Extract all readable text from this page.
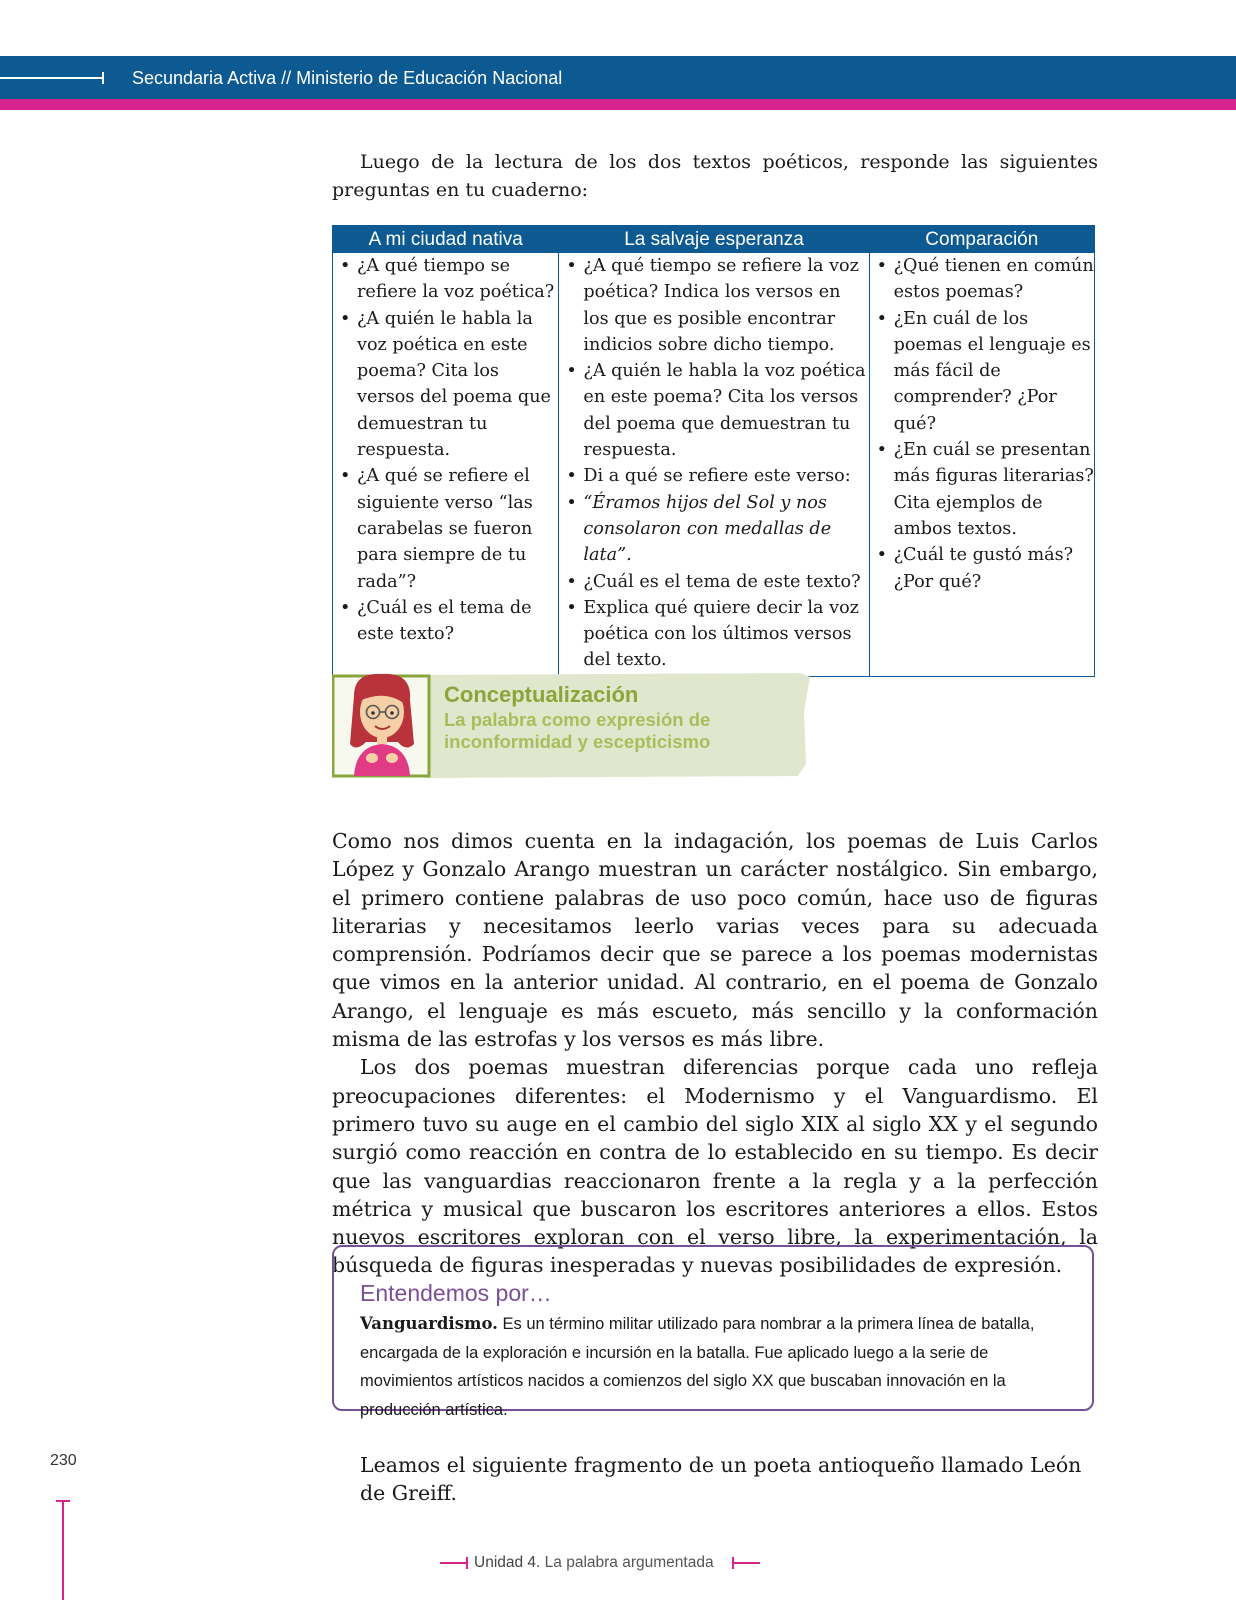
Secundaria Activa // Ministerio de Educación Nacional

Luego de la lectura de los dos textos poéticos, responde las siguientes preguntas en tu cuaderno:

A mi ciudad nativa
• ¿A qué tiempo se refiere la voz poética?
• ¿A quién le habla la voz poética en este poema? Cita los versos del poema que demuestran tu respuesta.
• ¿A qué se refiere el siguiente verso “las carabelas se fueron para siempre de tu rada”?
• ¿Cuál es el tema de este texto?
La salvaje esperanza
• ¿A qué tiempo se refiere la voz poética? Indica los versos en los que es posible encontrar indicios sobre dicho tiempo.
• ¿A quién le habla la voz poética en este poema? Cita los versos del poema que demuestran tu respuesta.
• Di a qué se refiere este verso:
• “Éramos hijos del Sol y nos consolaron con medallas de lata”.
• ¿Cuál es el tema de este texto?
• Explica qué quiere decir la voz poética con los últimos versos del texto.
Comparación
• ¿Qué tienen en común estos poemas?
• ¿En cuál de los poemas el lenguaje es más fácil de comprender? ¿Por qué?
• ¿En cuál se presentan más figuras literarias? Cita ejemplos de ambos textos.
• ¿Cuál te gustó más? ¿Por qué?
Conceptualización
La palabra como expresión de inconformidad y escepticismo

Como nos dimos cuenta en la indagación, los poemas de Luis Carlos López y Gonzalo Arango muestran un carácter nostálgico. Sin embargo, el primero contiene palabras de uso poco común, hace uso de figuras literarias y necesitamos leerlo varias veces para su adecuada comprensión. Podríamos decir que se parece a los poemas modernistas que vimos en la anterior unidad. Al contrario, en el poema de Gonzalo Arango, el lenguaje es más escueto, más sencillo y la conformación misma de las estrofas y los versos es más libre.

Los dos poemas muestran diferencias porque cada uno refleja preocupaciones diferentes: el Modernismo y el Vanguardismo. El primero tuvo su auge en el cambio del siglo XIX al siglo XX y el segundo surgió como reacción en contra de lo establecido en su tiempo. Es decir que las vanguardias reaccionaron frente a la regla y a la perfección métrica y musical que buscaron los escritores anteriores a ellos. Estos nuevos escritores exploran con el verso libre, la experimentación, la búsqueda de figuras inesperadas y nuevas posibilidades de expresión.

Entendemos por…
Vanguardismo. Es un término militar utilizado para nombrar a la primera línea de batalla, encargada de la exploración e incursión en la batalla. Fue aplicado luego a la serie de movimientos artísticos nacidos a comienzos del siglo XX que buscaban innovación en la producción artística.
Leamos el siguiente fragmento de un poeta antioqueño llamado León de Greiff.
230
Unidad 4. La palabra argumentada
